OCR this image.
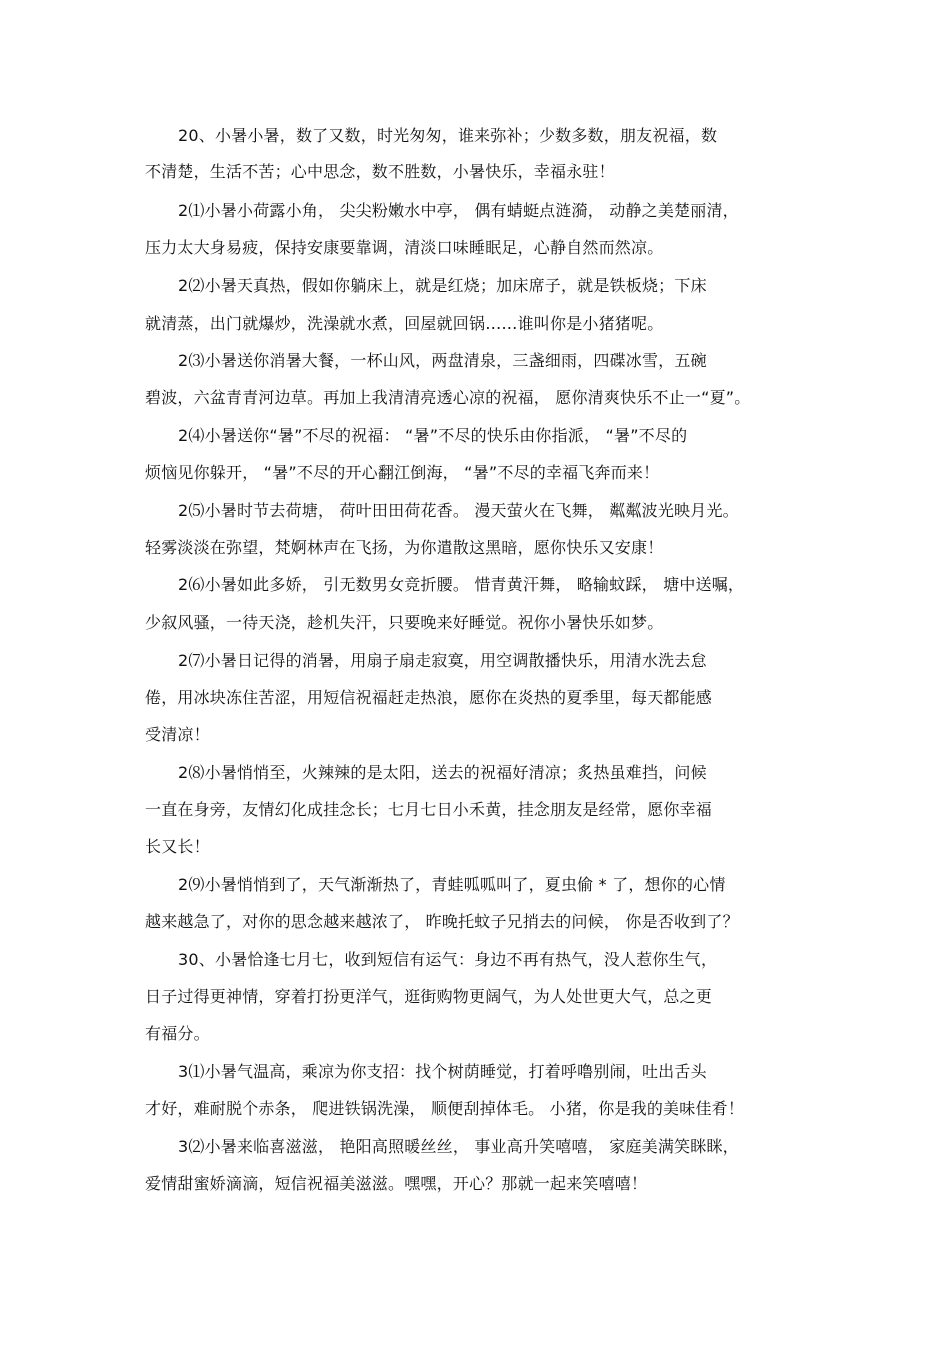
20、小暑小暑，数了又数，时光匆匆，谁来弥补；少数多数，朋友祝福，数
不清楚，生活不苦；心中思念，数不胜数，小暑快乐，幸福永驻！
2⑴小暑小荷露小角， 尖尖粉嫩水中亭， 偶有蜻蜓点涟漪， 动静之美楚丽清，
压力太大身易疲，保持安康要靠调，清淡口味睡眠足，心静自然而然凉。
2⑵小暑天真热，假如你躺床上，就是红烧；加床席子，就是铁板烧；下床
就清蒸，出门就爆炒，洗澡就水煮，回屋就回锅……谁叫你是小猪猪呢。
2⑶小暑送你消暑大餐，一杯山风，两盘清泉，三盏细雨，四碟冰雪，五碗
碧波，六盆青青河边草。再加上我清清亮透心凉的祝福， 愿你清爽快乐不止一“夏”。
2⑷小暑送你“暑”不尽的祝福： “暑”不尽的快乐由你指派， “暑”不尽的
烦恼见你躲开， “暑”不尽的开心翻江倒海， “暑”不尽的幸福飞奔而来！
2⑸小暑时节去荷塘， 荷叶田田荷花香。 漫天萤火在飞舞， 粼粼波光映月光。
轻雾淡淡在弥望，梵婀林声在飞扬，为你遣散这黑暗，愿你快乐又安康！
2⑹小暑如此多娇， 引无数男女竞折腰。 惜青黄汗舞， 略输蚊踩， 塘中送嘱，
少叙风骚，一待天浇，趁机失汗，只要晚来好睡觉。祝你小暑快乐如梦。
2⑺小暑日记得的消暑，用扇子扇走寂寞，用空调散播快乐，用清水洗去怠
倦，用冰块冻住苦涩，用短信祝福赶走热浪，愿你在炎热的夏季里，每天都能感
受清凉！
2⑻小暑悄悄至，火辣辣的是太阳，送去的祝福好清凉；炙热虽难挡，问候
一直在身旁，友情幻化成挂念长；七月七日小禾黄，挂念朋友是经常，愿你幸福
长又长！
2⑼小暑悄悄到了，天气渐渐热了，青蛙呱呱叫了，夏虫偷 * 了，想你的心情
越来越急了，对你的思念越来越浓了， 昨晚托蚊子兄捎去的问候， 你是否收到了？
30、小暑恰逢七月七，收到短信有运气：身边不再有热气，没人惹你生气，
日子过得更神情，穿着打扮更洋气，逛街购物更阔气，为人处世更大气，总之更
有福分。
3⑴小暑气温高，乘凉为你支招：找个树荫睡觉，打着呼噜别闹，吐出舌头
才好，难耐脱个赤条， 爬进铁锅洗澡， 顺便刮掉体毛。 小猪，你是我的美味佳肴！
3⑵小暑来临喜滋滋， 艳阳高照暖丝丝， 事业高升笑嘻嘻， 家庭美满笑眯眯，
爱情甜蜜娇滴滴，短信祝福美滋滋。嘿嘿，开心？那就一起来笑嘻嘻！
